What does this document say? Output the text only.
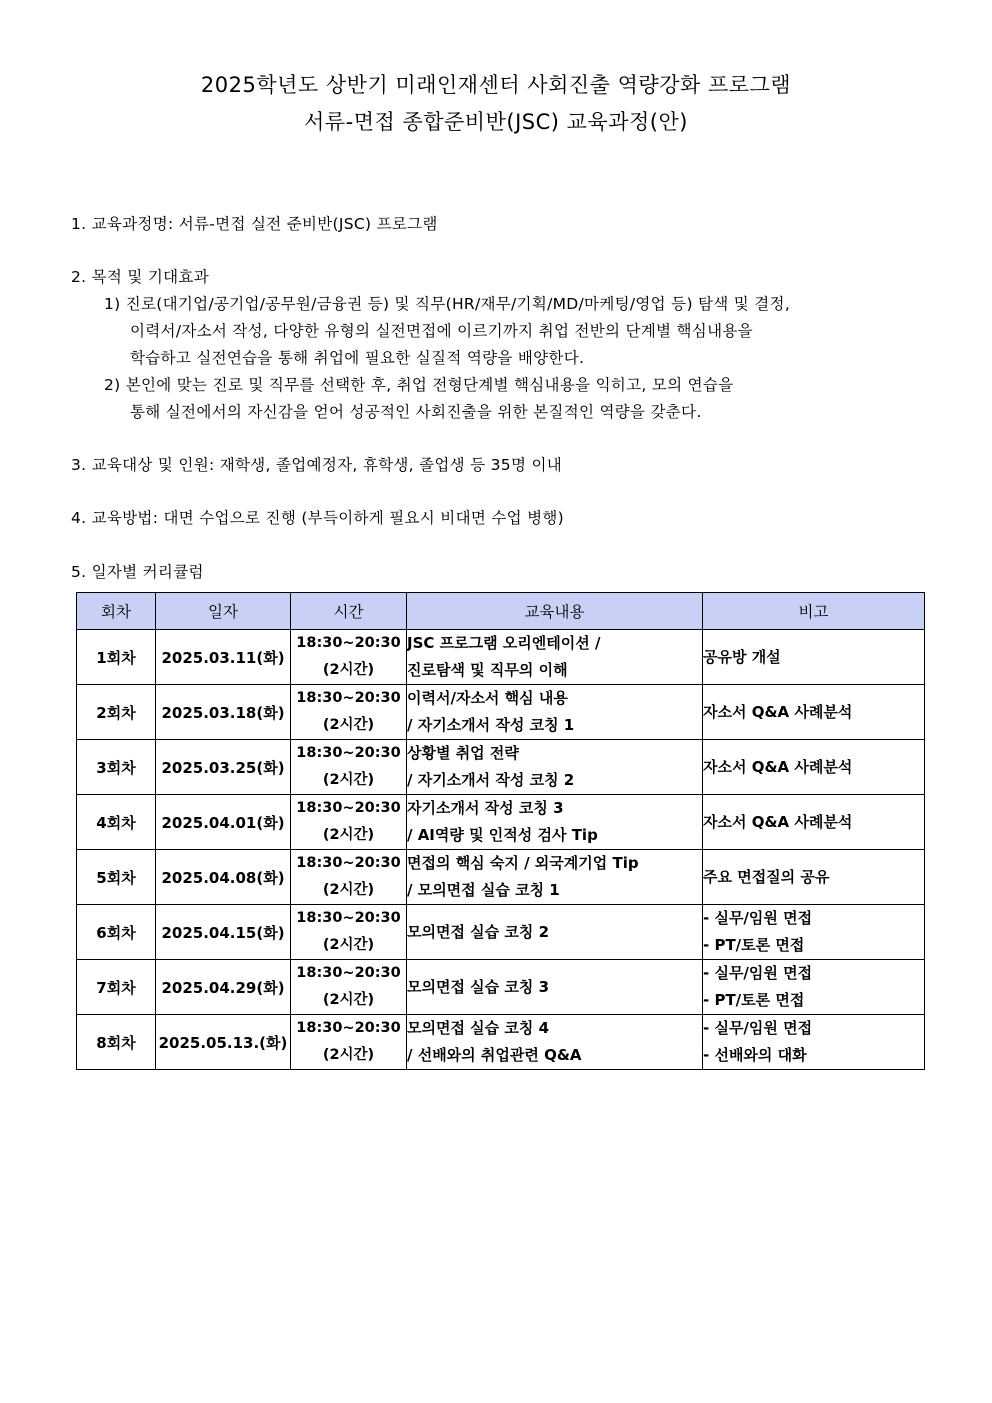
2025학년도 상반기 미래인재센터 사회진출 역량강화 프로그램
서류-면접 종합준비반(JSC) 교육과정(안)
1. 교육과정명: 서류-면접 실전 준비반(JSC) 프로그램
2. 목적 및 기대효과
1) 진로(대기업/공기업/공무원/금융권 등) 및 직무(HR/재무/기획/MD/마케팅/영업 등) 탐색 및 결정,
이력서/자소서 작성, 다양한 유형의 실전면접에 이르기까지 취업 전반의 단계별 핵심내용을
학습하고 실전연습을 통해 취업에 필요한 실질적 역량을 배양한다.
2) 본인에 맞는 진로 및 직무를 선택한 후, 취업 전형단계별 핵심내용을 익히고, 모의 연습을
통해 실전에서의 자신감을 얻어 성공적인 사회진출을 위한 본질적인 역량을 갖춘다.
3. 교육대상 및 인원: 재학생, 졸업예정자, 휴학생, 졸업생 등 35명 이내
4. 교육방법: 대면 수업으로 진행 (부득이하게 필요시 비대면 수업 병행)
5. 일자별 커리큘럼
회차	일자	시간	교육내용	비고
1회차	2025.03.11(화)	18:30~20:30
(2시간)	JSC 프로그램 오리엔테이션 /
진로탐색 및 직무의 이해	공유방 개설

2회차	2025.03.18(화)	18:30~20:30
(2시간)	이력서/자소서 핵심 내용
/ 자기소개서 작성 코칭 1	자소서 Q&A 사례분석

3회차	2025.03.25(화)	18:30~20:30
(2시간)	상황별 취업 전략
/ 자기소개서 작성 코칭 2	자소서 Q&A 사례분석

4회차	2025.04.01(화)	18:30~20:30
(2시간)	자기소개서 작성 코칭 3
/ AI역량 및 인적성 검사 Tip	자소서 Q&A 사례분석

5회차	2025.04.08(화)	18:30~20:30
(2시간)	면접의 핵심 숙지 / 외국계기업 Tip
/ 모의면접 실습 코칭 1	주요 면접질의 공유

6회차	2025.04.15(화)	18:30~20:30
(2시간)	모의면접 실습 코칭 2	- 실무/임원 면접
- PT/토론 면접

7회차	2025.04.29(화)	18:30~20:30
(2시간)	모의면접 실습 코칭 3	- 실무/임원 면접
- PT/토론 면접

8회차	2025.05.13.(화)	18:30~20:30
(2시간)	모의면접 실습 코칭 4
/ 선배와의 취업관련 Q&A	- 실무/임원 면접
- 선배와의 대화
